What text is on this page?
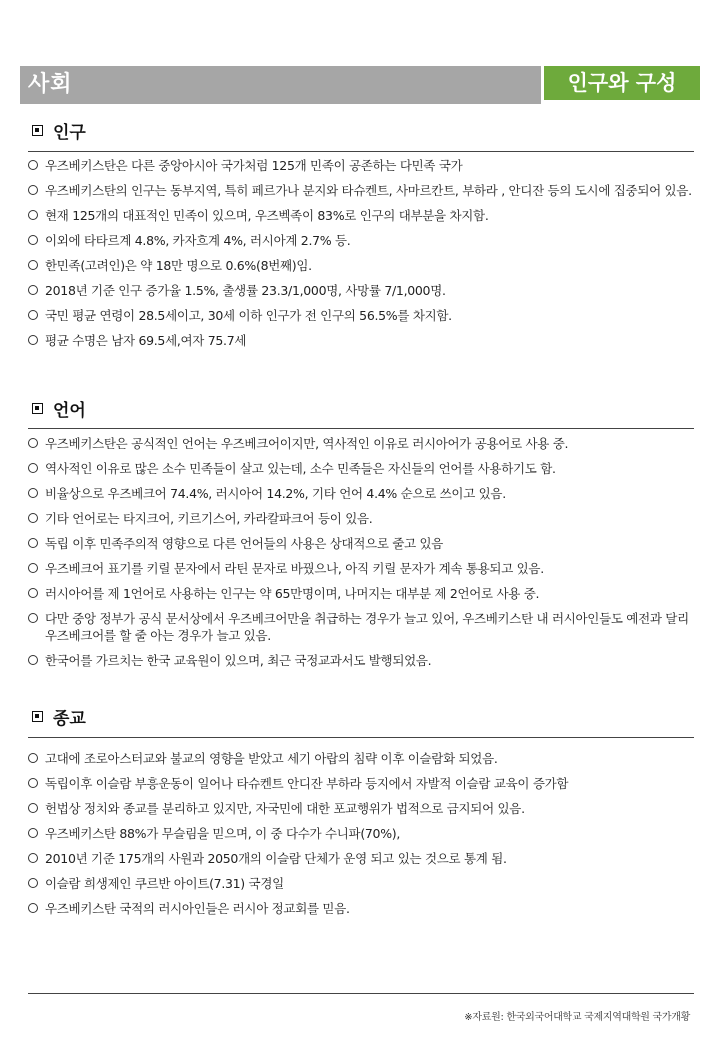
사회	인구와 구성
인구
우즈베키스탄은 다른 중앙아시아 국가처럼 125개 민족이 공존하는 다민족 국가
우즈베키스탄의 인구는 동부지역, 특히 페르가나 분지와 타슈켄트, 사마르칸트, 부하라 , 안디잔 등의 도시에 집중되어 있음.
현재 125개의 대표적인 민족이 있으며, 우즈벡족이 83%로 인구의 대부분을 차지함.
이외에 타타르계 4.8%, 카자흐계 4%, 러시아계 2.7% 등.
한민족(고려인)은 약 18만 명으로 0.6%(8번째)임.
2018년 기준 인구 증가율 1.5%, 출생률 23.3/1,000명, 사망률 7/1,000명.
국민 평균 연령이 28.5세이고, 30세 이하 인구가 전 인구의 56.5%를 차지함.
평균 수명은 남자 69.5세,여자 75.7세
언어
우즈베키스탄은 공식적인 언어는 우즈베크어이지만, 역사적인 이유로 러시아어가 공용어로 사용 중.
역사적인 이유로 많은 소수 민족들이 살고 있는데, 소수 민족들은 자신들의 언어를 사용하기도 함.
비율상으로 우즈베크어 74.4%, 러시아어 14.2%, 기타 언어 4.4% 순으로 쓰이고 있음.
기타 언어로는 타지크어, 키르기스어, 카라칼파크어 등이 있음.
독립 이후 민족주의적 영향으로 다른 언어들의 사용은 상대적으로 줄고 있음
우즈베크어 표기를 키릴 문자에서 라틴 문자로 바꿨으나, 아직 키릴 문자가 계속 통용되고 있음.
러시아어를 제 1언어로 사용하는 인구는 약 65만명이며, 나머지는 대부분 제 2언어로 사용 중.
다만 중앙 정부가 공식 문서상에서 우즈베크어만을 취급하는 경우가 늘고 있어, 우즈베키스탄 내 러시아인들도 예전과 달리 우즈베크어를 할 줄 아는 경우가 늘고 있음.
한국어를 가르치는 한국 교육원이 있으며, 최근 국정교과서도 발행되었음.
종교
고대에 조로아스터교와 불교의 영향을 받았고 세기 아랍의 침략 이후 이슬람화 되었음.
독립이후 이슬람 부흥운동이 일어나 타슈켄트 안디잔 부하라 등지에서 자발적 이슬람 교육이 증가함
헌법상 정치와 종교를 분리하고 있지만, 자국민에 대한 포교행위가 법적으로 금지되어 있음.
우즈베키스탄 88%가 무슬림을 믿으며, 이 중 다수가 수니파(70%),
2010년 기준 175개의 사원과 2050개의 이슬람 단체가 운영 되고 있는 것으로 통계 됨.
이슬람 희생제인 쿠르반 아이트(7.31) 국경일
우즈베키스탄 국적의 러시아인들은 러시아 정교회를 믿음.
※자료원: 한국외국어대학교 국제지역대학원 국가개황
